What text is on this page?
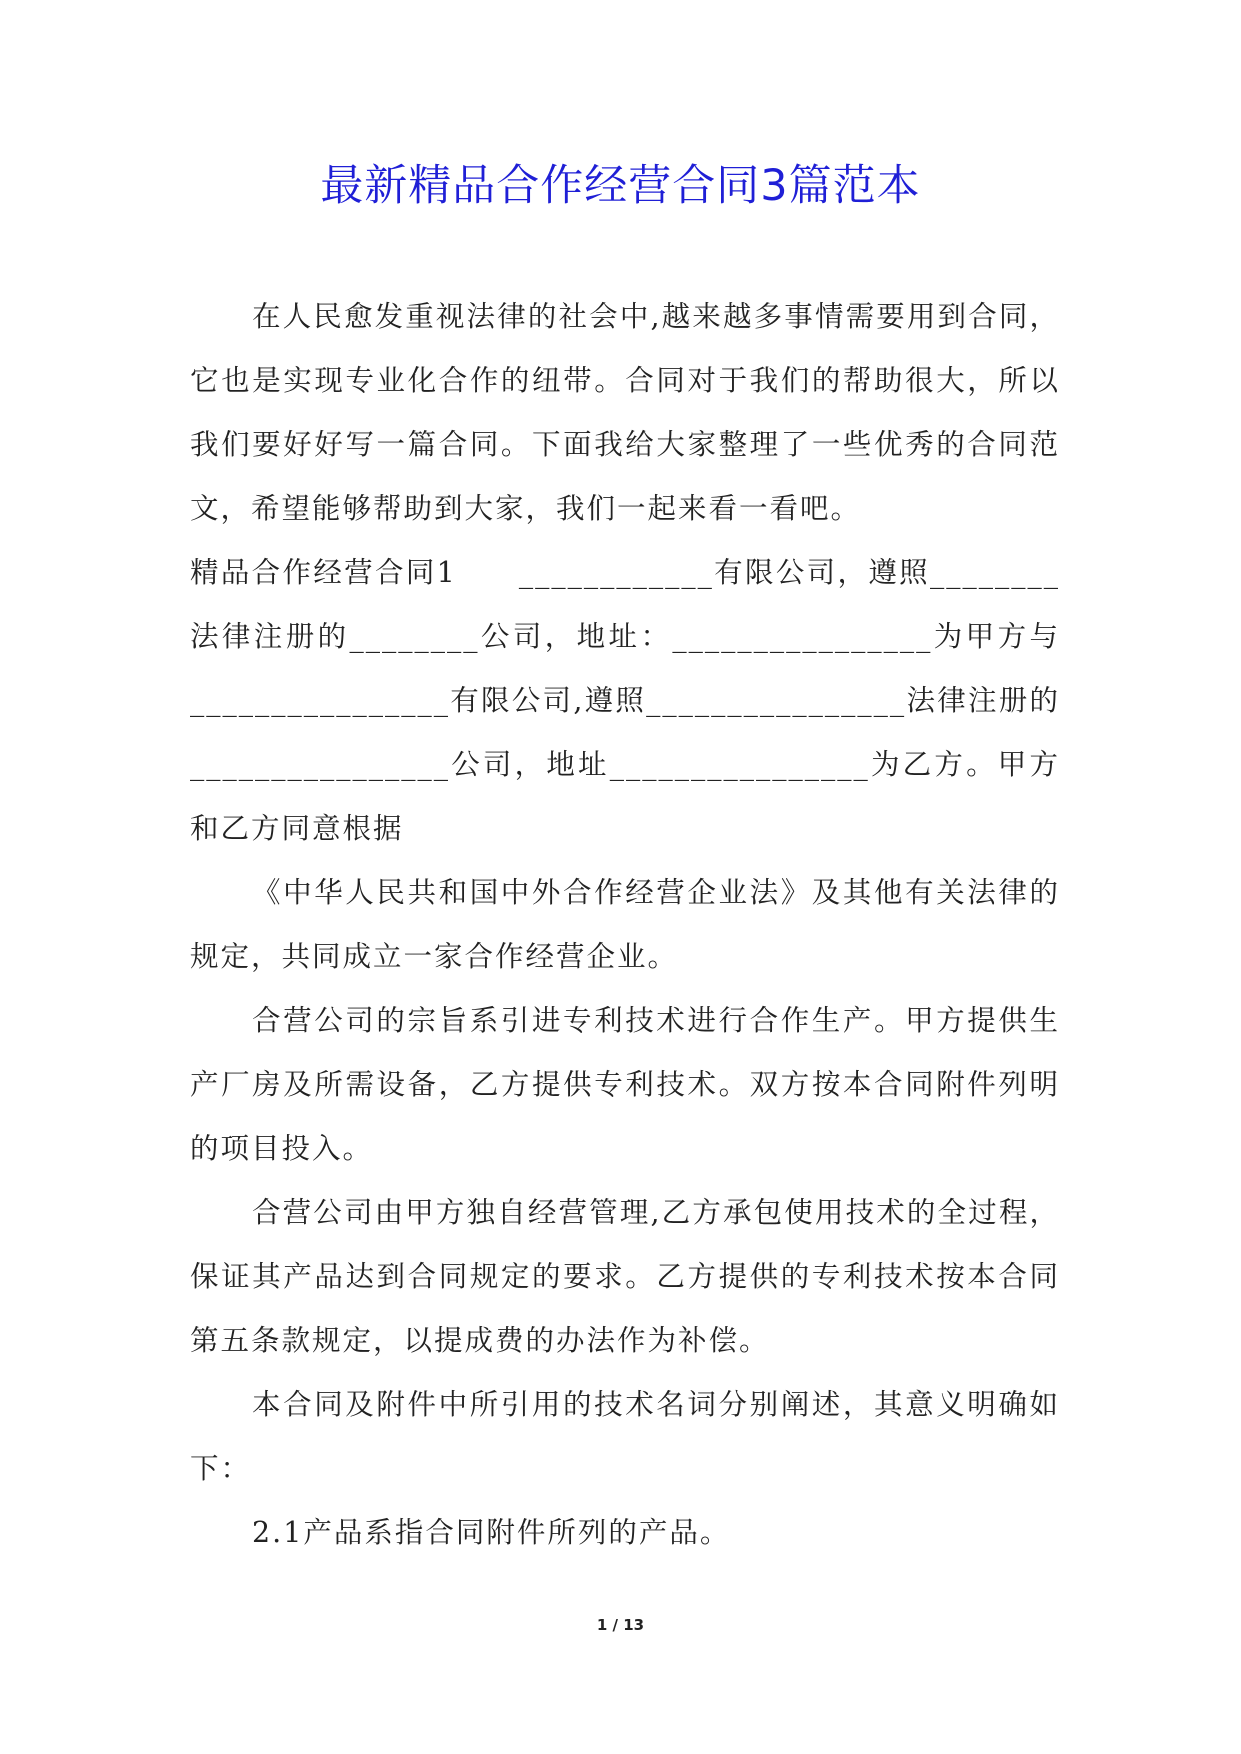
最新精品合作经营合同3篇范本

在人民愈发重视法律的社会中,越来越多事情需要用到合同，它也是实现专业化合作的纽带。合同对于我们的帮助很大，所以我们要好好写一篇合同。下面我给大家整理了一些优秀的合同范文，希望能够帮助到大家，我们一起来看一看吧。

精品合作经营合同1　　____________有限公司，遵照________法律注册的________公司，地址：________________为甲方与________________有限公司,遵照________________法律注册的________________公司，地址________________为乙方。甲方和乙方同意根据

《中华人民共和国中外合作经营企业法》及其他有关法律的规定，共同成立一家合作经营企业。

合营公司的宗旨系引进专利技术进行合作生产。甲方提供生产厂房及所需设备，乙方提供专利技术。双方按本合同附件列明的项目投入。

合营公司由甲方独自经营管理,乙方承包使用技术的全过程，保证其产品达到合同规定的要求。乙方提供的专利技术按本合同第五条款规定，以提成费的办法作为补偿。

本合同及附件中所引用的技术名词分别阐述，其意义明确如下：

2.1产品系指合同附件所列的产品。

1 / 13
